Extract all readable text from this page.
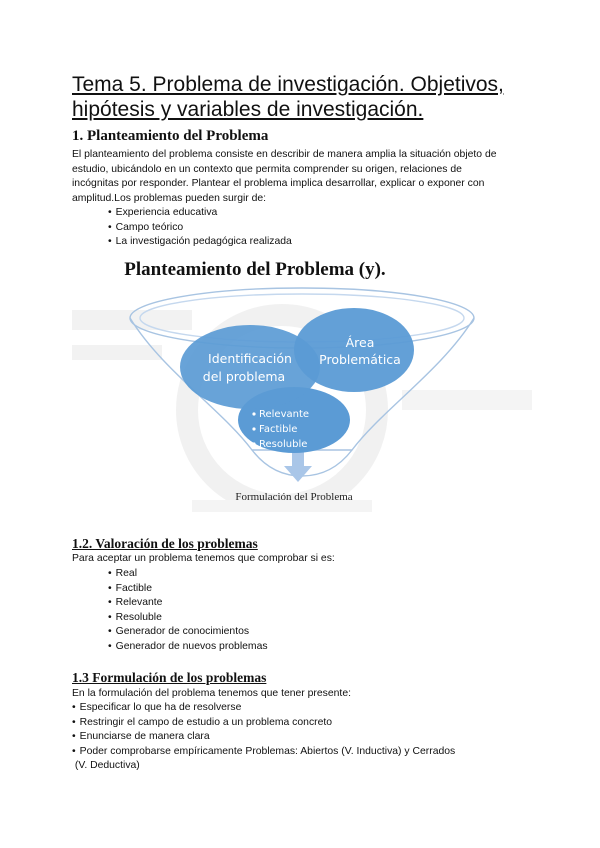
Tema 5. Problema de investigación. Objetivos,
hipótesis y variables de investigación.
1. Planteamiento del Problema
El planteamiento del problema consiste en describir de manera amplia la situación objeto de
estudio, ubicándolo en un contexto que permita comprender su origen, relaciones de
incógnitas por responder. Plantear el problema implica desarrollar, explicar o exponer con
amplitud.Los problemas pueden surgir de:
• Experiencia educativa
• Campo teórico
• La investigación pedagógica realizada
Planteamiento del Problema (y).
Relevante
Factible
Resoluble
Identificación
del problema
Área
Problemática
Formulación del Problema
1.2. Valoración de los problemas
Para aceptar un problema tenemos que comprobar si es:
• Real
• Factible
• Relevante
• Resoluble
• Generador de conocimientos
• Generador de nuevos problemas
1.3 Formulación de los problemas
En la formulación del problema tenemos que tener presente:
• Especificar lo que ha de resolverse
• Restringir el campo de estudio a un problema concreto
• Enunciarse de manera clara
• Poder comprobarse empíricamente Problemas: Abiertos (V. Inductiva) y Cerrados
(V. Deductiva)
